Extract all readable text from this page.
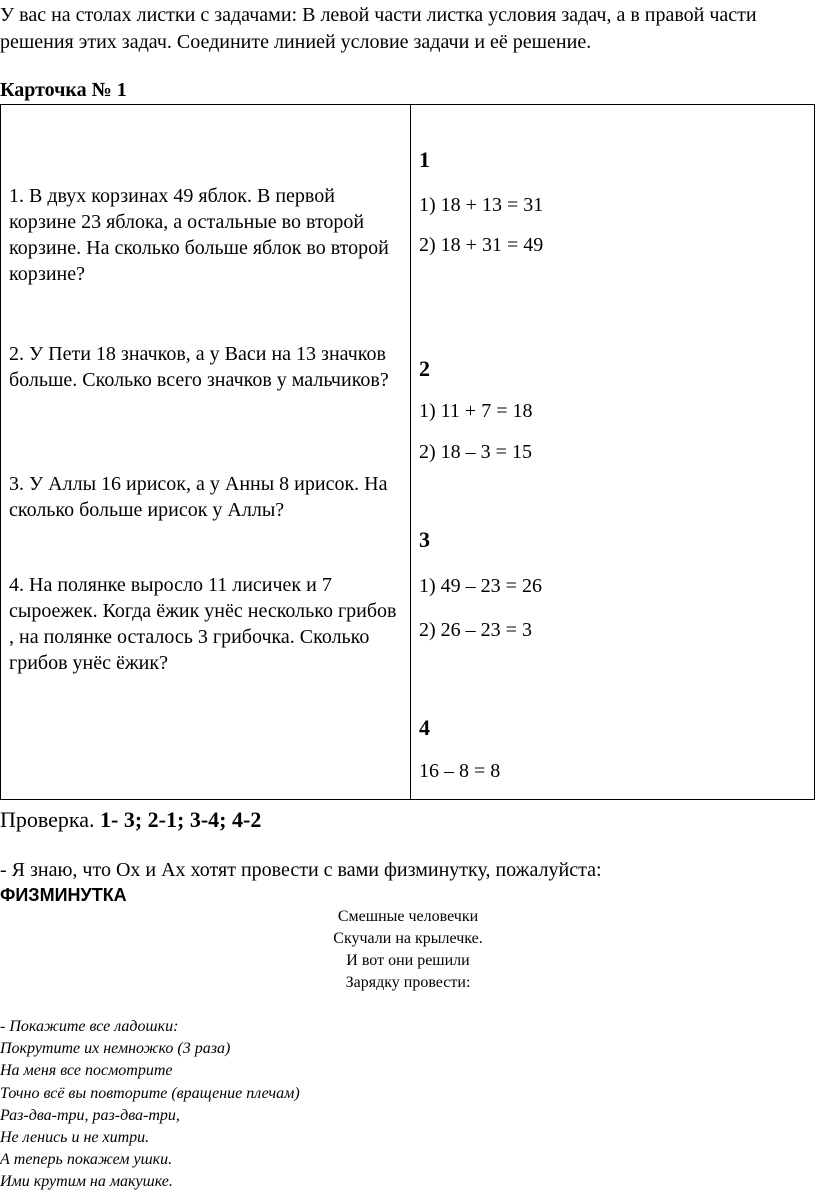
У вас на столах листки с задачами: В левой части листка условия задач, а в правой части решения этих задач. Соедините линией условие задачи и её решение.
Карточка № 1
1. В двух корзинах 49 яблок. В первой корзине 23 яблока, а остальные во второй корзине. На сколько больше яблок во второй корзине?
2. У Пети 18 значков, а у Васи на 13 значков больше. Сколько всего значков у мальчиков?
3. У Аллы 16 ирисок, а у Анны 8 ирисок. На сколько больше ирисок у Аллы?
4. На полянке выросло 11 лисичек и 7 сыроежек. Когда ёжик унёс несколько грибов , на полянке осталось 3 грибочка. Сколько грибов унёс ёжик?
1
1) 18 + 13 = 31
2) 18 + 31 = 49
2
1) 11 + 7 = 18
2) 18 – 3 = 15
3
1) 49 – 23 = 26
2) 26 – 23 = 3
4
16 – 8 = 8
Проверка. 1- 3; 2-1; 3-4; 4-2
- Я знаю, что Ох и Ах хотят провести с вами физминутку, пожалуйста:
ФИЗМИНУТКА
Смешные человечки
Скучали на крылечке.
И вот они решили
Зарядку провести:
- Покажите все ладошки:
Покрутите их немножко (3 раза)
На меня все посмотрите
Точно всё вы повторите (вращение плечам)
Раз-два-три, раз-два-три,
Не ленись и не хитри.
А теперь покажем ушки.
Ими крутим на макушке.
